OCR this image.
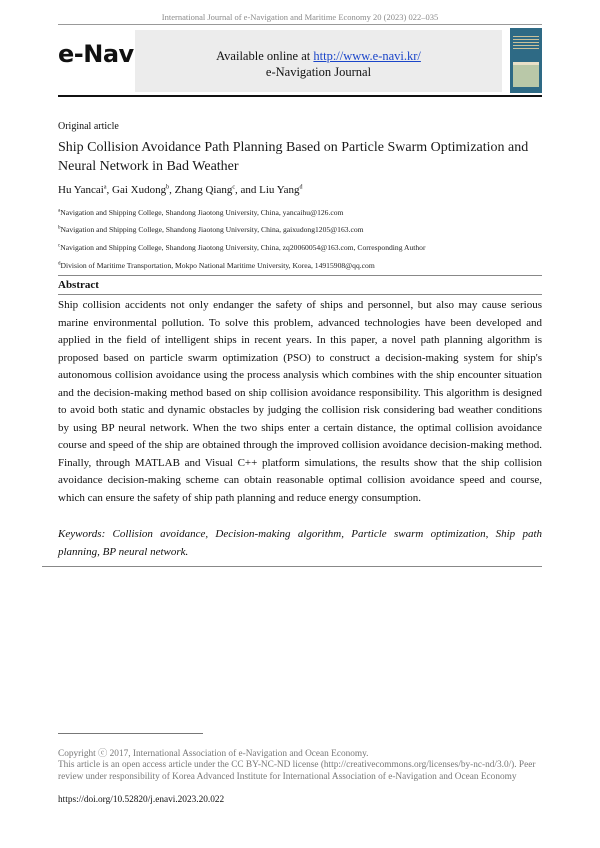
International Journal of e-Navigation and Maritime Economy 20 (2023) 022–035
e-Nav	Available online at http://www.e-navi.kr/
e-Navigation Journal
Original article
Ship Collision Avoidance Path Planning Based on Particle Swarm Optimization and Neural Network in Bad Weather
Hu Yancai$^a$, Gai Xudong$^b$, Zhang Qiang$^c$, and Liu Yang$^d$
$^a$Navigation and Shipping College, Shandong Jiaotong University, China, yancaihu@126.com
$^b$Navigation and Shipping College, Shandong Jiaotong University, China, gaixudong1205@163.com
$^c$Navigation and Shipping College, Shandong Jiaotong University, China, zq20060054@163.com, Corresponding Author
$^d$Division of Maritime Transportation, Mokpo National Maritime University, Korea, 14915908@qq.com
Abstract
Ship collision accidents not only endanger the safety of ships and personnel, but also may cause serious marine environmental pollution. To solve this problem, advanced technologies have been developed and applied in the field of intelligent ships in recent years. In this paper, a novel path planning algorithm is proposed based on particle swarm optimization (PSO) to construct a decision-making system for ship's autonomous collision avoidance using the process analysis which combines with the ship encounter situation and the decision-making method based on ship collision avoidance responsibility. This algorithm is designed to avoid both static and dynamic obstacles by judging the collision risk considering bad weather conditions by using BP neural network. When the two ships enter a certain distance, the optimal collision avoidance course and speed of the ship are obtained through the improved collision avoidance decision-making method. Finally, through MATLAB and Visual C++ platform simulations, the results show that the ship collision avoidance decision-making scheme can obtain reasonable optimal collision avoidance speed and course, which can ensure the safety of ship path planning and reduce energy consumption.
Keywords: Collision avoidance, Decision-making algorithm, Particle swarm optimization, Ship path planning, BP neural network.
Copyright ⓒ 2017, International Association of e-Navigation and Ocean Economy.
This article is an open access article under the CC BY-NC-ND license (http://creativecommons.org/licenses/by-nc-nd/3.0/). Peer review under responsibility of Korea Advanced Institute for International Association of e-Navigation and Ocean Economy
https://doi.org/10.52820/j.enavi.2023.20.022
